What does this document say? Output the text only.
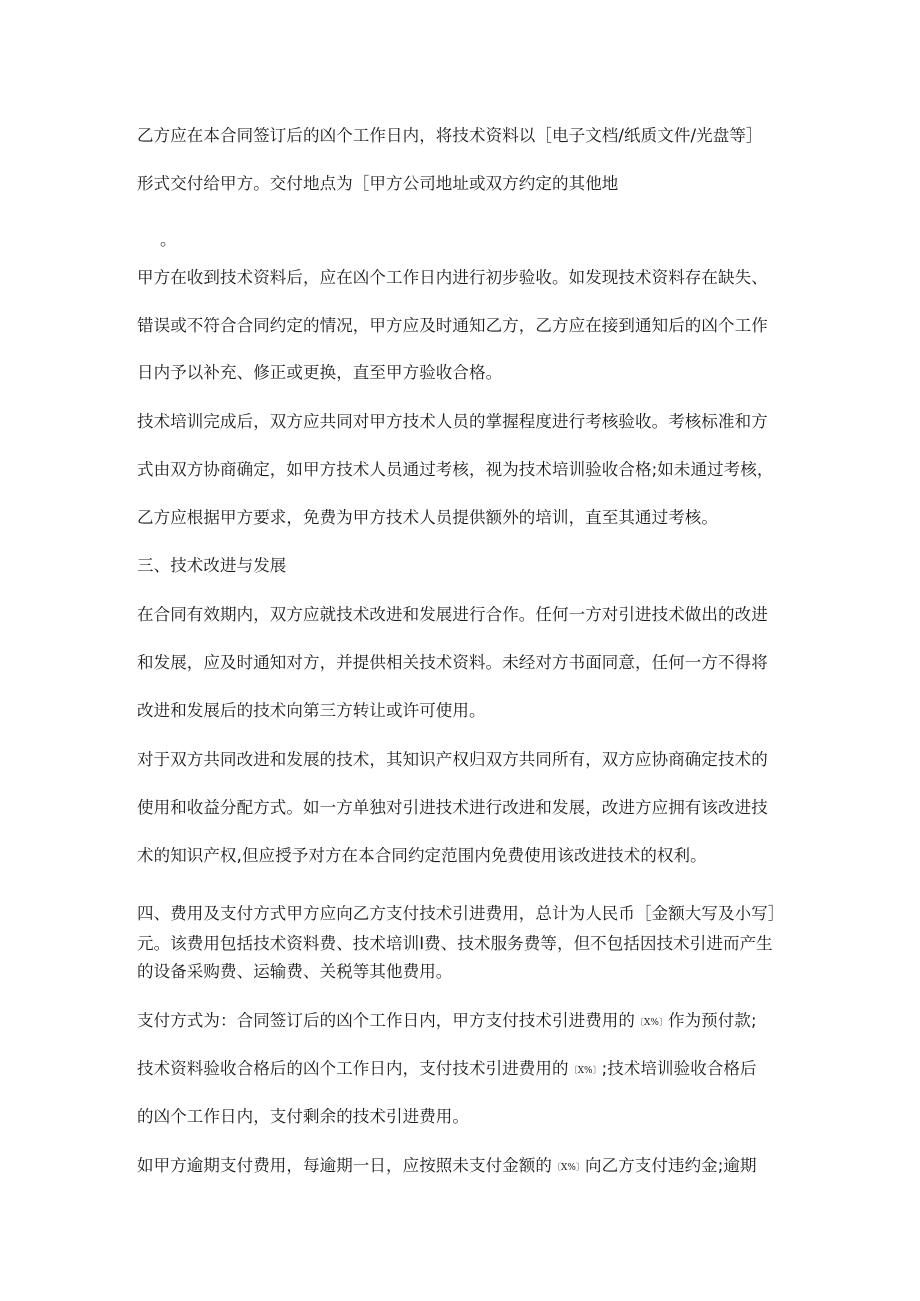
乙方应在本合同签订后的凶个工作日内，将技术资料以［电子文档/纸质文件/光盘等］
形式交付给甲方。交付地点为［甲方公司地址或双方约定的其他地
。
甲方在收到技术资料后，应在凶个工作日内进行初步验收。如发现技术资料存在缺失、
错误或不符合合同约定的情况，甲方应及时通知乙方，乙方应在接到通知后的凶个工作
日内予以补充、修正或更换，直至甲方验收合格。
技术培训完成后，双方应共同对甲方技术人员的掌握程度进行考核验收。考核标准和方
式由双方协商确定，如甲方技术人员通过考核，视为技术培训验收合格;如未通过考核，
乙方应根据甲方要求，免费为甲方技术人员提供额外的培训，直至其通过考核。
三、技术改进与发展
在合同有效期内，双方应就技术改进和发展进行合作。任何一方对引进技术做出的改进
和发展，应及时通知对方，并提供相关技术资料。未经对方书面同意，任何一方不得将
改进和发展后的技术向第三方转让或许可使用。
对于双方共同改进和发展的技术，其知识产权归双方共同所有，双方应协商确定技术的
使用和收益分配方式。如一方单独对引进技术进行改进和发展，改进方应拥有该改进技
术的知识产权,但应授予对方在本合同约定范围内免费使用该改进技术的权利。
四、费用及支付方式甲方应向乙方支付技术引进费用，总计为人民币［金额大写及小写］
元。该费用包括技术资料费、技术培训I费、技术服务费等，但不包括因技术引进而产生
的设备采购费、运输费、关税等其他费用。
支付方式为：合同签订后的凶个工作日内，甲方支付技术引进费用的〔X%〕作为预付款;
技术资料验收合格后的凶个工作日内，支付技术引进费用的〔X%〕;技术培训验收合格后
的凶个工作日内，支付剩余的技术引进费用。
如甲方逾期支付费用，每逾期一日，应按照未支付金额的〔X%〕向乙方支付违约金;逾期
